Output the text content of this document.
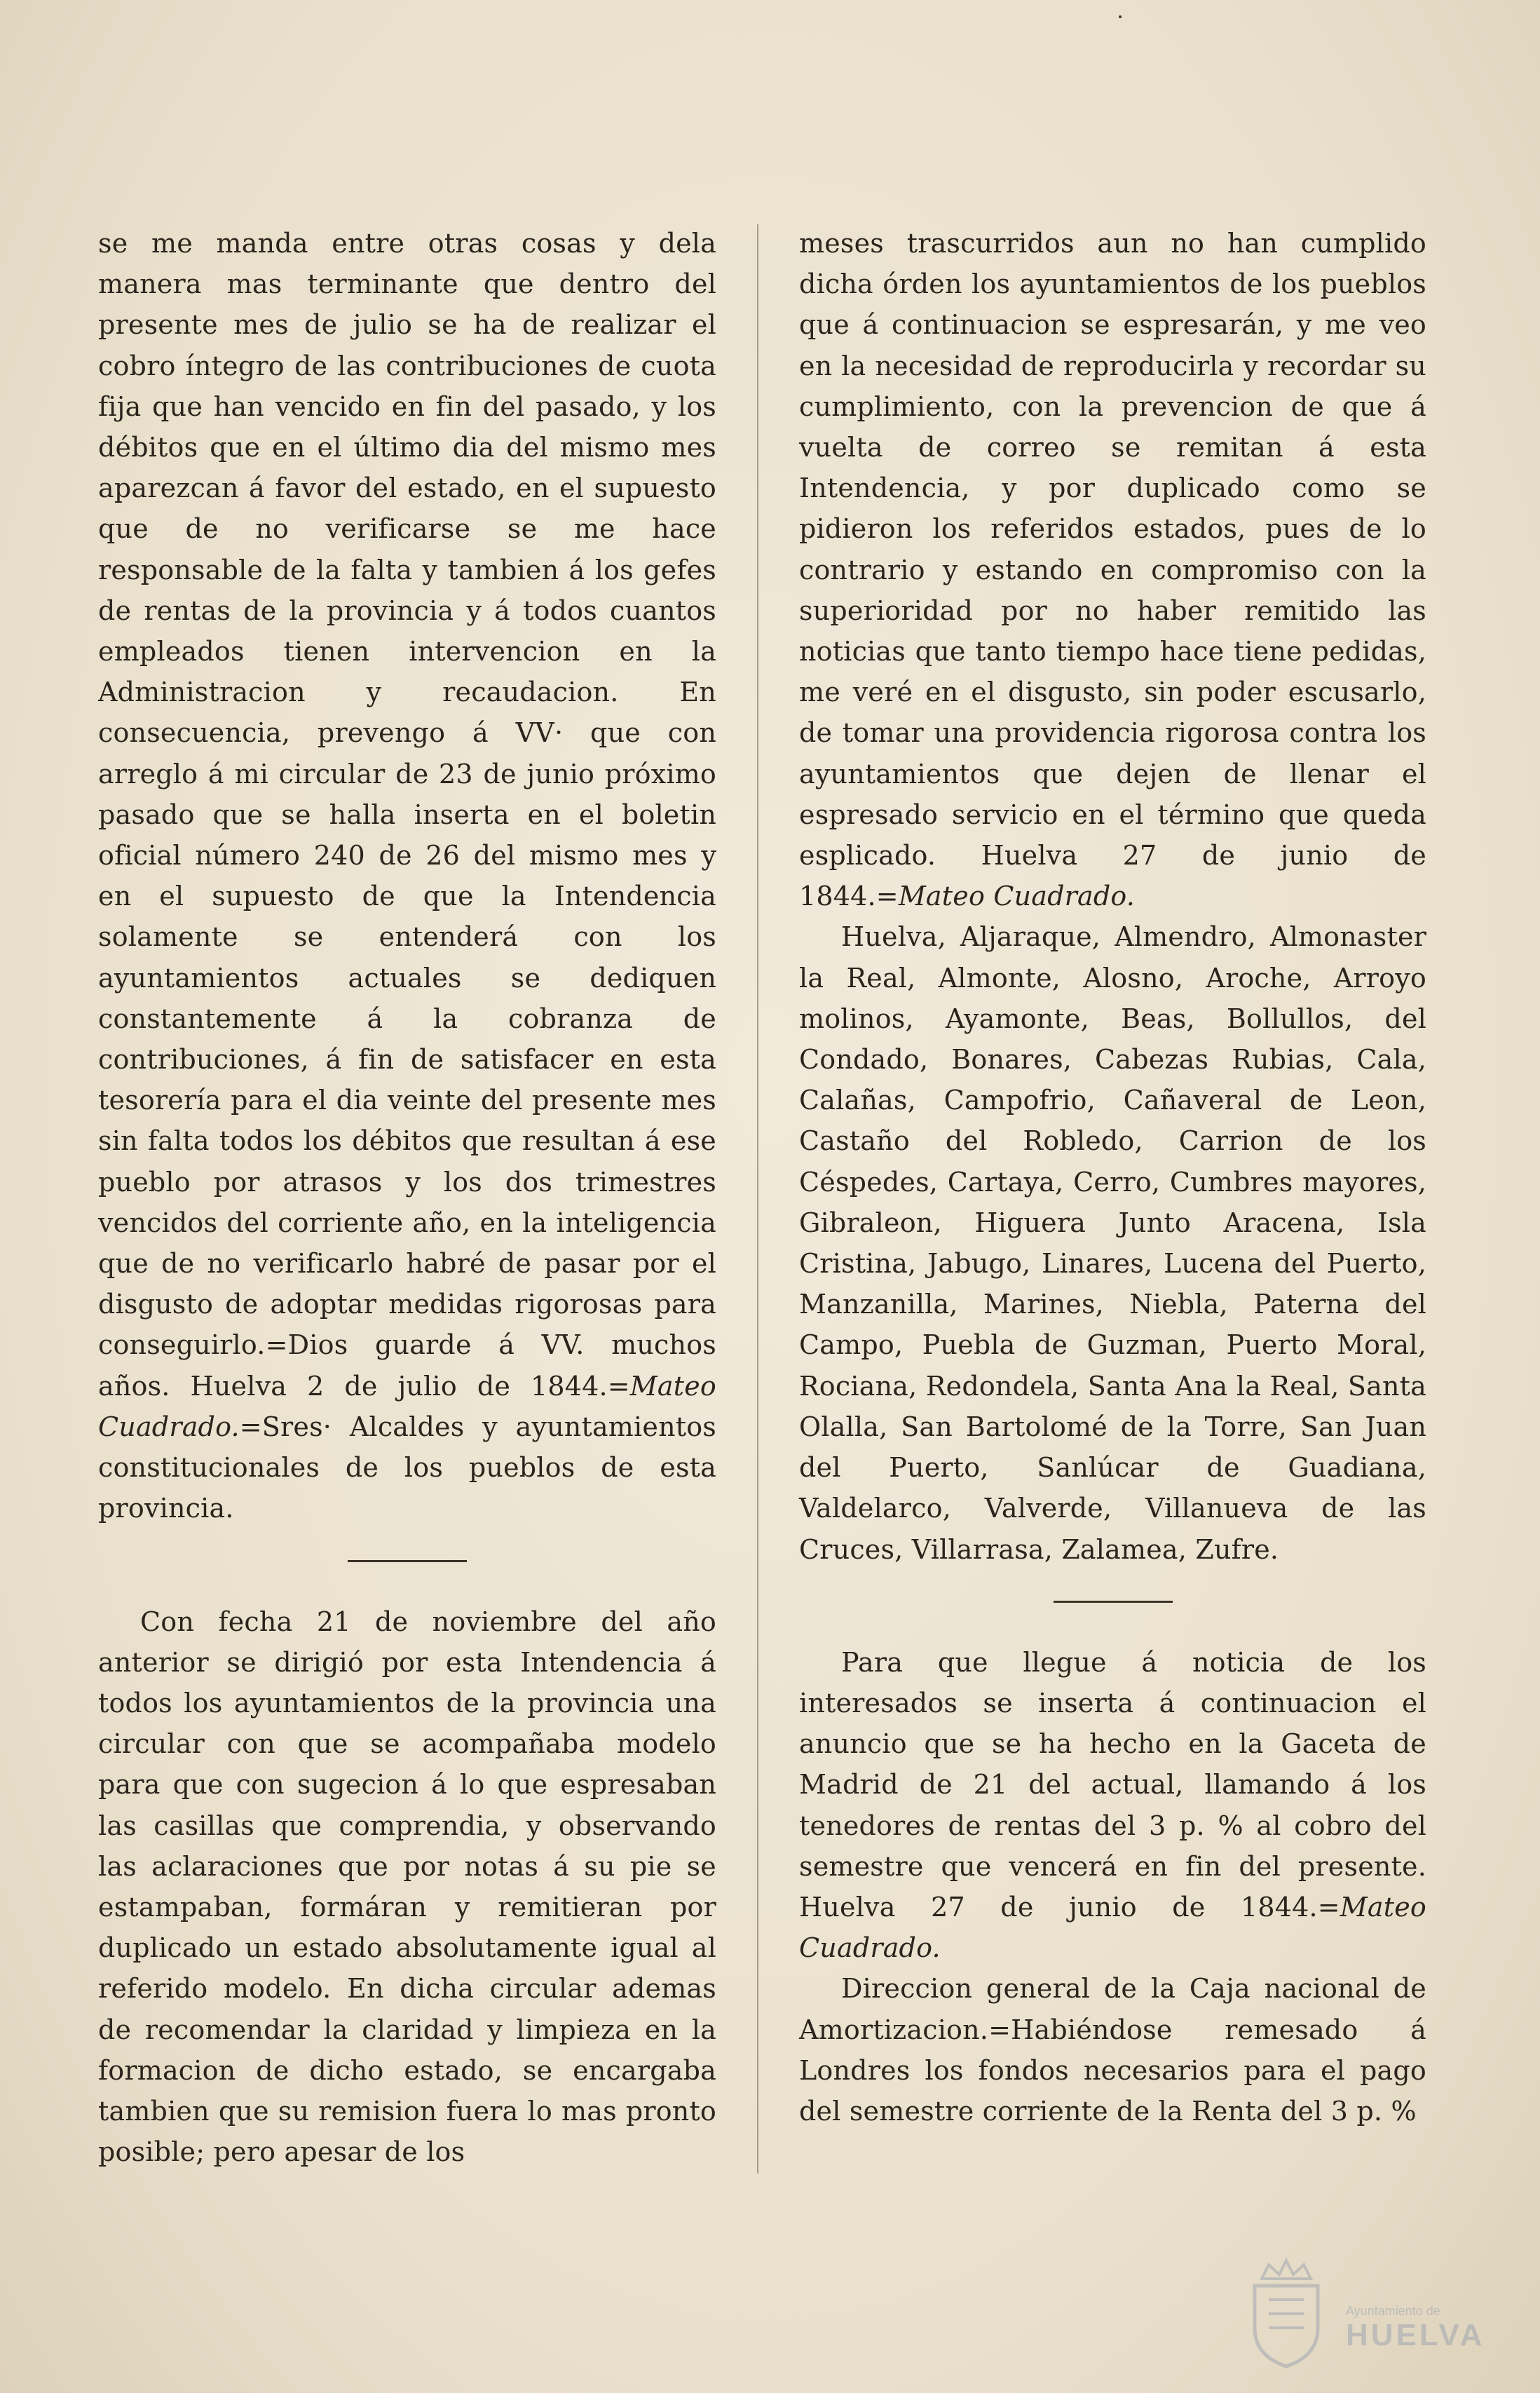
se me manda entre otras cosas y dela manera mas terminante que dentro del presente mes de julio se ha de realizar el cobro íntegro de las contribuciones de cuota fija que han vencido en fin del pasado, y los débitos que en el último dia del mismo mes aparezcan á favor del estado, en el supuesto que de no verificarse se me hace responsable de la falta y tambien á los gefes de rentas de la provincia y á todos cuantos empleados tienen intervencion en la Administracion y recaudacion. En consecuencia, prevengo á VV· que con arreglo á mi circular de 23 de junio próximo pasado que se halla inserta en el boletin oficial número 240 de 26 del mismo mes y en el supuesto de que la Intendencia solamente se entenderá con los ayuntamientos actuales se dediquen constantemente á la cobranza de contribuciones, á fin de satisfacer en esta tesorería para el dia veinte del presente mes sin falta todos los débitos que resultan á ese pueblo por atrasos y los dos trimestres vencidos del corriente año, en la inteligencia que de no verificarlo habré de pasar por el disgusto de adoptar medidas rigorosas para conseguirlo.=Dios guarde á VV. muchos años. Huelva 2 de julio de 1844.=Mateo Cuadrado.=Sres· Alcaldes y ayuntamientos constitucionales de los pueblos de esta provincia.

Con fecha 21 de noviembre del año anterior se dirigió por esta Intendencia á todos los ayuntamientos de la provincia una circular con que se acompañaba modelo para que con sugecion á lo que espresaban las casillas que comprendia, y observando las aclaraciones que por notas á su pie se estampaban, formáran y remitieran por duplicado un estado absolutamente igual al referido modelo. En dicha circular ademas de recomendar la claridad y limpieza en la formacion de dicho estado, se encargaba tambien que su remision fuera lo mas pronto posible; pero apesar de los

meses trascurridos aun no han cumplido dicha órden los ayuntamientos de los pueblos que á continuacion se espresarán, y me veo en la necesidad de reproducirla y recordar su cumplimiento, con la prevencion de que á vuelta de correo se remitan á esta Intendencia, y por duplicado como se pidieron los referidos estados, pues de lo contrario y estando en compromiso con la superioridad por no haber remitido las noticias que tanto tiempo hace tiene pedidas, me veré en el disgusto, sin poder escusarlo, de tomar una providencia rigorosa contra los ayuntamientos que dejen de llenar el espresado servicio en el término que queda esplicado. Huelva 27 de junio de 1844.=Mateo Cuadrado.

Huelva, Aljaraque, Almendro, Almonaster la Real, Almonte, Alosno, Aroche, Arroyo molinos, Ayamonte, Beas, Bollullos, del Condado, Bonares, Cabezas Rubias, Cala, Calañas, Campofrio, Cañaveral de Leon, Castaño del Robledo, Carrion de los Céspedes, Cartaya, Cerro, Cumbres mayores, Gibraleon, Higuera Junto Aracena, Isla Cristina, Jabugo, Linares, Lucena del Puerto, Manzanilla, Marines, Niebla, Paterna del Campo, Puebla de Guzman, Puerto Moral, Rociana, Redondela, Santa Ana la Real, Santa Olalla, San Bartolomé de la Torre, San Juan del Puerto, Sanlúcar de Guadiana, Valdelarco, Valverde, Villanueva de las Cruces, Villarrasa, Zalamea, Zufre.

Para que llegue á noticia de los interesados se inserta á continuacion el anuncio que se ha hecho en la Gaceta de Madrid de 21 del actual, llamando á los tenedores de rentas del 3 p. % al cobro del semestre que vencerá en fin del presente. Huelva 27 de junio de 1844.=Mateo Cuadrado.

Direccion general de la Caja nacional de Amortizacion.=Habiéndose remesado á Londres los fondos necesarios para el pago del semestre corriente de la Renta del 3 p. %

Ayuntamiento de
HUELVA
